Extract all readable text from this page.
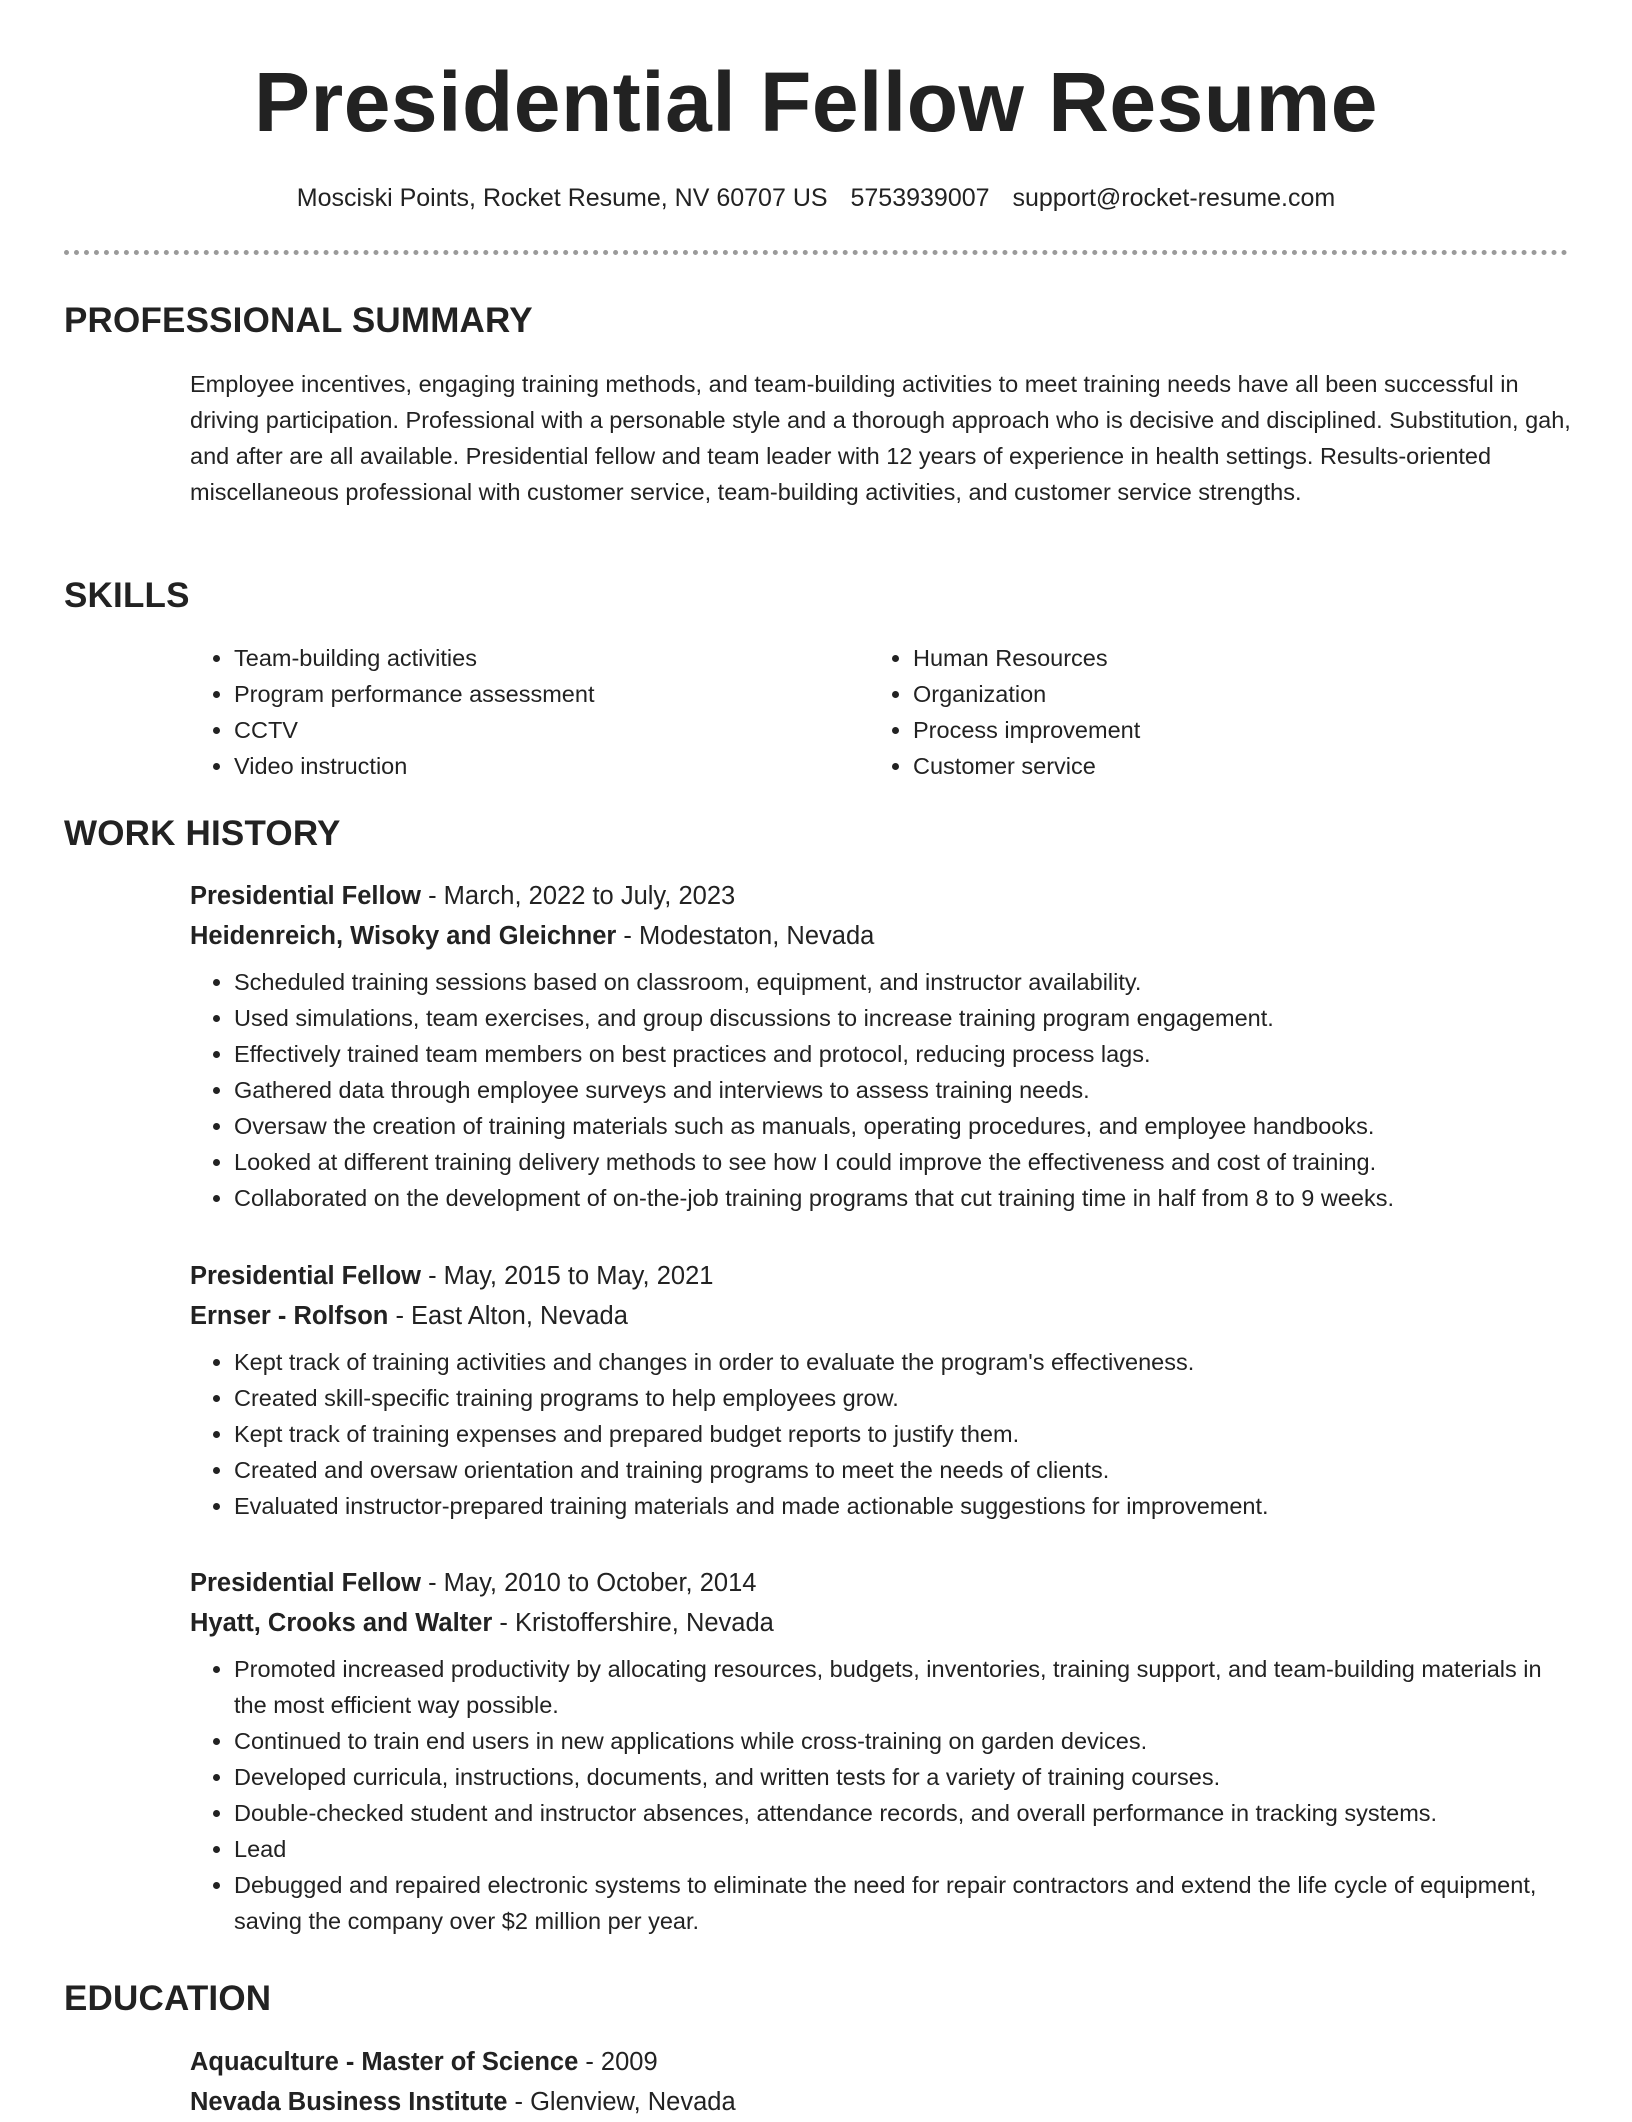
Presidential Fellow Resume
Mosciski Points, Rocket Resume, NV 60707 US 5753939007 support@rocket-resume.com
PROFESSIONAL SUMMARY

Employee incentives, engaging training methods, and team-building activities to meet training needs have all been successful in driving participation. Professional with a personable style and a thorough approach who is decisive and disciplined. Substitution, gah, and after are all available. Presidential fellow and team leader with 12 years of experience in health settings. Results-oriented miscellaneous professional with customer service, team-building activities, and customer service strengths.

SKILLS
• Team-building activities
• Program performance assessment
• CCTV
• Video instruction
• Human Resources
• Organization
• Process improvement
• Customer service
WORK HISTORY
Presidential Fellow - March, 2022 to July, 2023
Heidenreich, Wisoky and Gleichner - Modestaton, Nevada
• Scheduled training sessions based on classroom, equipment, and instructor availability.
• Used simulations, team exercises, and group discussions to increase training program engagement.
• Effectively trained team members on best practices and protocol, reducing process lags.
• Gathered data through employee surveys and interviews to assess training needs.
• Oversaw the creation of training materials such as manuals, operating procedures, and employee handbooks.
• Looked at different training delivery methods to see how I could improve the effectiveness and cost of training.
• Collaborated on the development of on-the-job training programs that cut training time in half from 8 to 9 weeks.
Presidential Fellow - May, 2015 to May, 2021
Ernser - Rolfson - East Alton, Nevada
• Kept track of training activities and changes in order to evaluate the program's effectiveness.
• Created skill-specific training programs to help employees grow.
• Kept track of training expenses and prepared budget reports to justify them.
• Created and oversaw orientation and training programs to meet the needs of clients.
• Evaluated instructor-prepared training materials and made actionable suggestions for improvement.
Presidential Fellow - May, 2010 to October, 2014
Hyatt, Crooks and Walter - Kristoffershire, Nevada
• Promoted increased productivity by allocating resources, budgets, inventories, training support, and team-building materials in the most efficient way possible.
• Continued to train end users in new applications while cross-training on garden devices.
• Developed curricula, instructions, documents, and written tests for a variety of training courses.
• Double-checked student and instructor absences, attendance records, and overall performance in tracking systems.
• Lead
• Debugged and repaired electronic systems to eliminate the need for repair contractors and extend the life cycle of equipment, saving the company over $2 million per year.
EDUCATION
Aquaculture - Master of Science - 2009
Nevada Business Institute - Glenview, Nevada
